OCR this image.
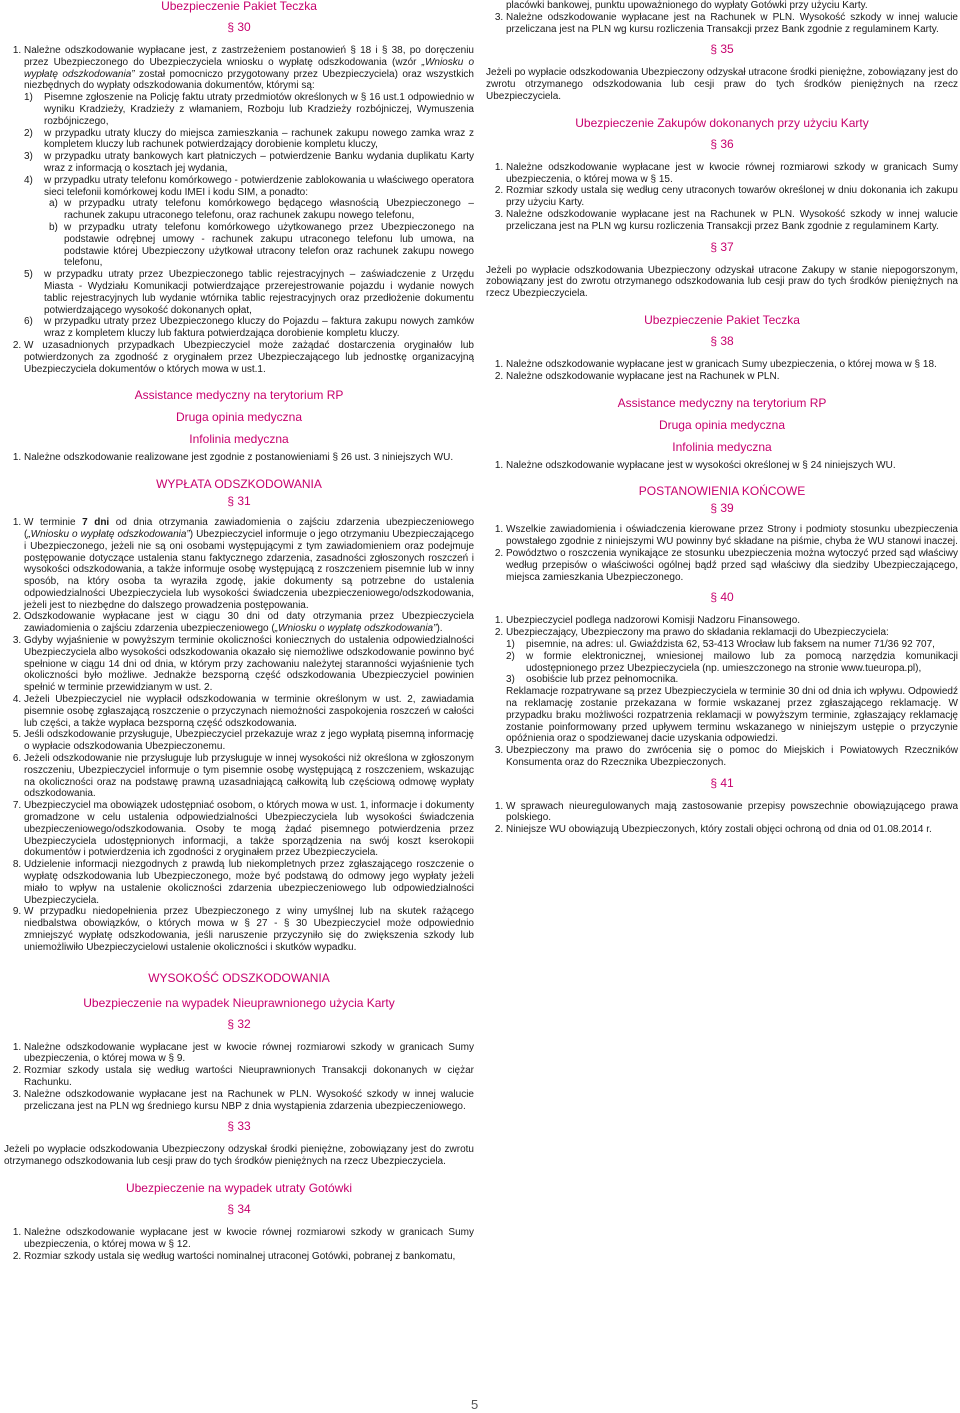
Ubezpieczenie Pakiet Teczka

§ 30

1. Należne odszkodowanie wypłacane jest, z zastrzeżeniem postanowień § 18 i § 38, po doręczeniu przez Ubezpieczonego do Ubezpieczyciela wniosku o wypłatę odszkodowania (wzór „Wniosku o wypłatę odszkodowania” został pomocniczo przygotowany przez Ubezpieczyciela) oraz wszystkich niezbędnych do wypłaty odszkodowania dokumentów, którymi są:
1) Pisemne zgłoszenie na Policję faktu utraty przedmiotów określonych w § 16 ust.1 odpowiednio w wyniku Kradzieży, Kradzieży z włamaniem, Rozboju lub Kradzieży rozbójniczej, Wymuszenia rozbójniczego,
2) w przypadku utraty kluczy do miejsca zamieszkania – rachunek zakupu nowego zamka wraz z kompletem kluczy lub rachunek potwierdzający dorobienie kompletu kluczy,
3) w przypadku utraty bankowych kart płatniczych – potwierdzenie Banku wydania duplikatu Karty wraz z informacją o kosztach jej wydania,
4) w przypadku utraty telefonu komórkowego - potwierdzenie zablokowania u właściwego operatora sieci telefonii komórkowej kodu IMEI i kodu SIM, a ponadto:
a) w przypadku utraty telefonu komórkowego będącego własnością Ubezpieczonego – rachunek zakupu utraconego telefonu, oraz rachunek zakupu nowego telefonu,
b) w przypadku utraty telefonu komórkowego użytkowanego przez Ubezpieczonego na podstawie odrębnej umowy - rachunek zakupu utraconego telefonu lub umowa, na podstawie której Ubezpieczony użytkował utracony telefon oraz rachunek zakupu nowego telefonu,
5) w przypadku utraty przez Ubezpieczonego tablic rejestracyjnych – zaświadczenie z Urzędu Miasta - Wydziału Komunikacji potwierdzające przerejestrowanie pojazdu i wydanie nowych tablic rejestracyjnych lub wydanie wtórnika tablic rejestracyjnych oraz przedłożenie dokumentu potwierdzającego wysokość dokonanych opłat,
6) w przypadku utraty przez Ubezpieczonego kluczy do Pojazdu – faktura zakupu nowych zamków wraz z kompletem kluczy lub faktura potwierdzająca dorobienie kompletu kluczy.
2. W uzasadnionych przypadkach Ubezpieczyciel może zażądać dostarczenia oryginałów lub potwierdzonych za zgodność z oryginałem przez Ubezpieczającego lub jednostkę organizacyjną Ubezpieczyciela dokumentów o których mowa w ust.1.

Assistance medyczny na terytorium RP

Druga opinia medyczna

Infolinia medyczna

1. Należne odszkodowanie realizowane jest zgodnie z postanowieniami § 26 ust. 3 niniejszych WU.

WYPŁATA ODSZKODOWANIA

§ 31

1. W terminie 7 dni od dnia otrzymania zawiadomienia o zajściu zdarzenia ubezpieczeniowego („Wniosku o wypłatę odszkodowania”) Ubezpieczyciel informuje o jego otrzymaniu Ubezpieczającego i Ubezpieczonego, jeżeli nie są oni osobami występującymi z tym zawiadomieniem oraz podejmuje postępowanie dotyczące ustalenia stanu faktycznego zdarzenia, zasadności zgłoszonych roszczeń i wysokości odszkodowania, a także informuje osobę występującą z roszczeniem pisemnie lub w inny sposób, na który osoba ta wyraziła zgodę, jakie dokumenty są potrzebne do ustalenia odpowiedzialności Ubezpieczyciela lub wysokości świadczenia ubezpieczeniowego/odszkodowania, jeżeli jest to niezbędne do dalszego prowadzenia postępowania.
2. Odszkodowanie wypłacane jest w ciągu 30 dni od daty otrzymania przez Ubezpieczyciela zawiadomienia o zajściu zdarzenia ubezpieczeniowego („Wniosku o wypłatę odszkodowania”).
3. Gdyby wyjaśnienie w powyższym terminie okoliczności koniecznych do ustalenia odpowiedzialności Ubezpieczyciela albo wysokości odszkodowania okazało się niemożliwe odszkodowanie powinno być spełnione w ciągu 14 dni od dnia, w którym przy zachowaniu należytej staranności wyjaśnienie tych okoliczności było możliwe. Jednakże bezsporną część odszkodowania Ubezpieczyciel powinien spełnić w terminie przewidzianym w ust. 2.
4. Jeżeli Ubezpieczyciel nie wypłacił odszkodowania w terminie określonym w ust. 2, zawiadamia pisemnie osobę zgłaszającą roszczenie o przyczynach niemożności zaspokojenia roszczeń w całości lub części, a także wypłaca bezsporną część odszkodowania.
5. Jeśli odszkodowanie przysługuje, Ubezpieczyciel przekazuje wraz z jego wypłatą pisemną informację o wypłacie odszkodowania Ubezpieczonemu.
6. Jeżeli odszkodowanie nie przysługuje lub przysługuje w innej wysokości niż określona w zgłoszonym roszczeniu, Ubezpieczyciel informuje o tym pisemnie osobę występującą z roszczeniem, wskazując na okoliczności oraz na podstawę prawną uzasadniającą całkowitą lub częściową odmowę wypłaty odszkodowania.
7. Ubezpieczyciel ma obowiązek udostępniać osobom, o których mowa w ust. 1, informacje i dokumenty gromadzone w celu ustalenia odpowiedzialności Ubezpieczyciela lub wysokości świadczenia ubezpieczeniowego/odszkodowania. Osoby te mogą żądać pisemnego potwierdzenia przez Ubezpieczyciela udostępnionych informacji, a także sporządzenia na swój koszt kserokopii dokumentów i potwierdzenia ich zgodności z oryginałem przez Ubezpieczyciela.
8. Udzielenie informacji niezgodnych z prawdą lub niekompletnych przez zgłaszającego roszczenie o wypłatę odszkodowania lub Ubezpieczonego, może być podstawą do odmowy jego wypłaty jeżeli miało to wpływ na ustalenie okoliczności zdarzenia ubezpieczeniowego lub odpowiedzialności Ubezpieczyciela.
9. W przypadku niedopełnienia przez Ubezpieczonego z winy umyślnej lub na skutek rażącego niedbalstwa obowiązków, o których mowa w § 27 - § 30 Ubezpieczyciel może odpowiednio zmniejszyć wypłatę odszkodowania, jeśli naruszenie przyczyniło się do zwiększenia szkody lub uniemożliwiło Ubezpieczycielowi ustalenie okoliczności i skutków wypadku.

WYSOKOŚĆ ODSZKODOWANIA

Ubezpieczenie na wypadek Nieuprawnionego użycia Karty

§ 32

1. Należne odszkodowanie wypłacane jest w kwocie równej rozmiarowi szkody w granicach Sumy ubezpieczenia, o której mowa w § 9.
2. Rozmiar szkody ustala się według wartości Nieuprawnionych Transakcji dokonanych w ciężar Rachunku.
3. Należne odszkodowanie wypłacane jest na Rachunek w PLN. Wysokość szkody w innej walucie przeliczana jest na PLN wg średniego kursu NBP z dnia wystąpienia zdarzenia ubezpieczeniowego.

§ 33

Jeżeli po wypłacie odszkodowania Ubezpieczony odzyskał środki pieniężne, zobowiązany jest do zwrotu otrzymanego odszkodowania lub cesji praw do tych środków pieniężnych na rzecz Ubezpieczyciela.

Ubezpieczenie na wypadek utraty Gotówki

§ 34

1. Należne odszkodowanie wypłacane jest w kwocie równej rozmiarowi szkody w granicach Sumy ubezpieczenia, o której mowa w § 12.
2. Rozmiar szkody ustala się według wartości nominalnej utraconej Gotówki, pobranej z bankomatu,

placówki bankowej, punktu upoważnionego do wypłaty Gotówki przy użyciu Karty.

3. Należne odszkodowanie wypłacane jest na Rachunek w PLN. Wysokość szkody w innej walucie przeliczana jest na PLN wg kursu rozliczenia Transakcji przez Bank zgodnie z regulaminem Karty.

§ 35

Jeżeli po wypłacie odszkodowania Ubezpieczony odzyskał utracone środki pieniężne, zobowiązany jest do zwrotu otrzymanego odszkodowania lub cesji praw do tych środków pieniężnych na rzecz Ubezpieczyciela.

Ubezpieczenie Zakupów dokonanych przy użyciu Karty

§ 36

1. Należne odszkodowanie wypłacane jest w kwocie równej rozmiarowi szkody w granicach Sumy ubezpieczenia, o której mowa w § 15.
2. Rozmiar szkody ustala się według ceny utraconych towarów określonej w dniu dokonania ich zakupu przy użyciu Karty.
3. Należne odszkodowanie wypłacane jest na Rachunek w PLN. Wysokość szkody w innej walucie przeliczana jest na PLN wg kursu rozliczenia Transakcji przez Bank zgodnie z regulaminem Karty.

§ 37

Jeżeli po wypłacie odszkodowania Ubezpieczony odzyskał utracone Zakupy w stanie niepogorszonym, zobowiązany jest do zwrotu otrzymanego odszkodowania lub cesji praw do tych środków pieniężnych na rzecz Ubezpieczyciela.

Ubezpieczenie Pakiet Teczka

§ 38

1. Należne odszkodowanie wypłacane jest w granicach Sumy ubezpieczenia, o której mowa w § 18.
2. Należne odszkodowanie wypłacane jest na Rachunek w PLN.

Assistance medyczny na terytorium RP

Druga opinia medyczna

Infolinia medyczna

1. Należne odszkodowanie wypłacane jest w wysokości określonej w § 24 niniejszych WU.

POSTANOWIENIA KOŃCOWE

§ 39

1. Wszelkie zawiadomienia i oświadczenia kierowane przez Strony i podmioty stosunku ubezpieczenia powstałego zgodnie z niniejszymi WU powinny być składane na piśmie, chyba że WU stanowi inaczej.
2. Powództwo o roszczenia wynikające ze stosunku ubezpieczenia można wytoczyć przed sąd właściwy według przepisów o właściwości ogólnej bądź przed sąd właściwy dla siedziby Ubezpieczającego, miejsca zamieszkania Ubezpieczonego.

§ 40

1. Ubezpieczyciel podlega nadzorowi Komisji Nadzoru Finansowego.
2. Ubezpieczający, Ubezpieczony ma prawo do składania reklamacji do Ubezpieczyciela:
1) pisemnie, na adres: ul. Gwiaździsta 62, 53-413 Wrocław lub faksem na numer 71/36 92 707,
2) w formie elektronicznej, wniesionej mailowo lub za pomocą narzędzia komunikacji udostępnionego przez Ubezpieczyciela (np. umieszczonego na stronie www.tueuropa.pl),
3) osobiście lub przez pełnomocnika.

Reklamacje rozpatrywane są przez Ubezpieczyciela w terminie 30 dni od dnia ich wpływu. Odpowiedź na reklamację zostanie przekazana w formie wskazanej przez zgłaszającego reklamację. W przypadku braku możliwości rozpatrzenia reklamacji w powyższym terminie, zgłaszający reklamację zostanie poinformowany przed upływem terminu wskazanego w niniejszym ustępie o przyczynie opóźnienia oraz o spodziewanej dacie uzyskania odpowiedzi.

3. Ubezpieczony ma prawo do zwrócenia się o pomoc do Miejskich i Powiatowych Rzeczników Konsumenta oraz do Rzecznika Ubezpieczonych.

§ 41

1. W sprawach nieuregulowanych mają zastosowanie przepisy powszechnie obowiązującego prawa polskiego.
2. Niniejsze WU obowiązują Ubezpieczonych, który zostali objęci ochroną od dnia od 01.08.2014 r.
5
